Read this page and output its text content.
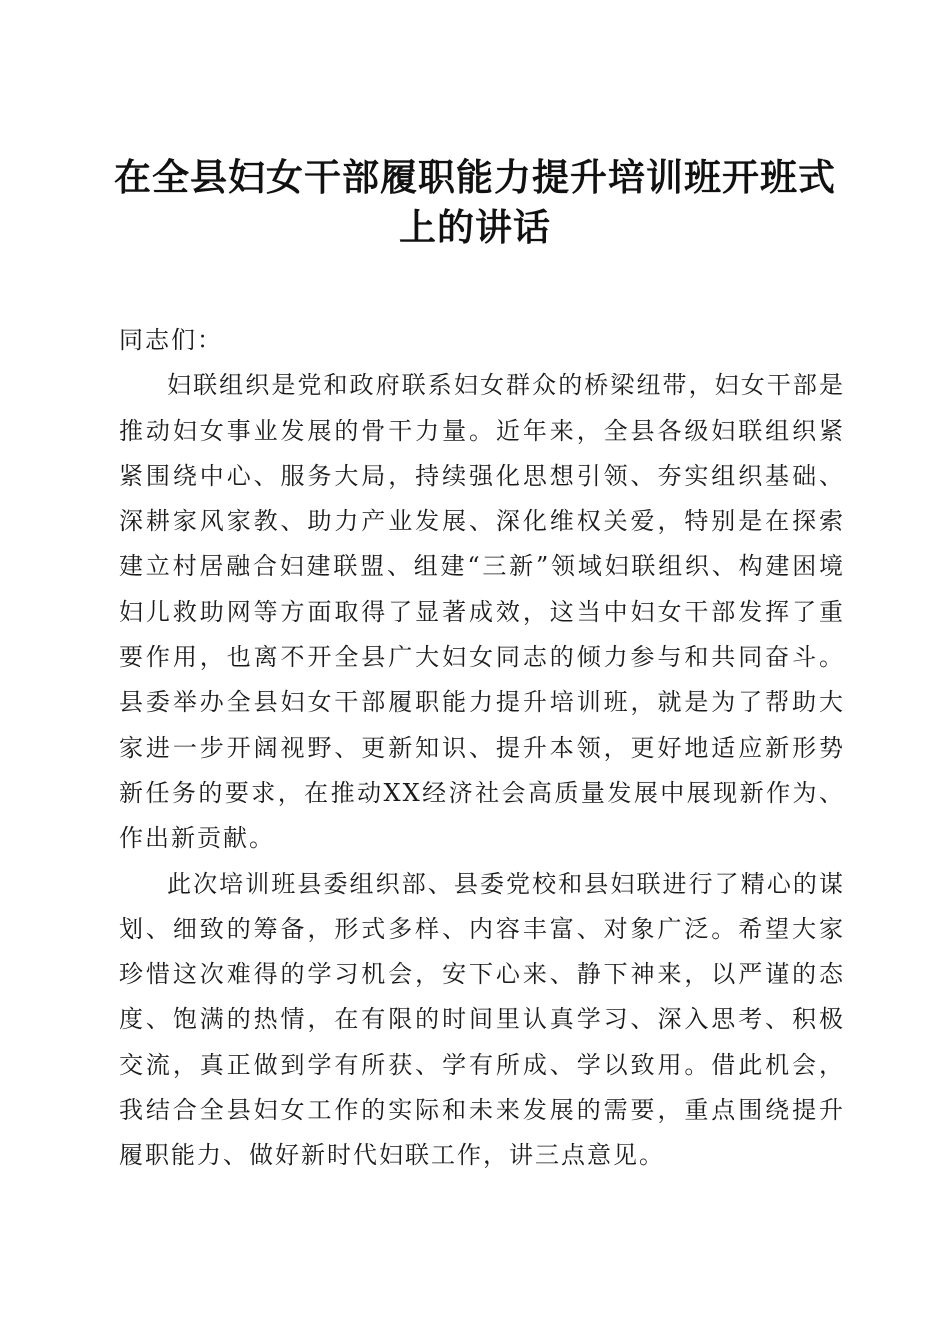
在全县妇女干部履职能力提升培训班开班式上的讲话

同志们：

妇联组织是党和政府联系妇女群众的桥梁纽带，妇女干部是推动妇女事业发展的骨干力量。近年来，全县各级妇联组织紧紧围绕中心、服务大局，持续强化思想引领、夯实组织基础、深耕家风家教、助力产业发展、深化维权关爱，特别是在探索建立村居融合妇建联盟、组建“三新”领域妇联组织、构建困境妇儿救助网等方面取得了显著成效，这当中妇女干部发挥了重要作用，也离不开全县广大妇女同志的倾力参与和共同奋斗。县委举办全县妇女干部履职能力提升培训班，就是为了帮助大家进一步开阔视野、更新知识、提升本领，更好地适应新形势新任务的要求，在推动XX经济社会高质量发展中展现新作为、作出新贡献。

此次培训班县委组织部、县委党校和县妇联进行了精心的谋划、细致的筹备，形式多样、内容丰富、对象广泛。希望大家珍惜这次难得的学习机会，安下心来、静下神来，以严谨的态度、饱满的热情，在有限的时间里认真学习、深入思考、积极交流，真正做到学有所获、学有所成、学以致用。借此机会，我结合全县妇女工作的实际和未来发展的需要，重点围绕提升履职能力、做好新时代妇联工作，讲三点意见。
